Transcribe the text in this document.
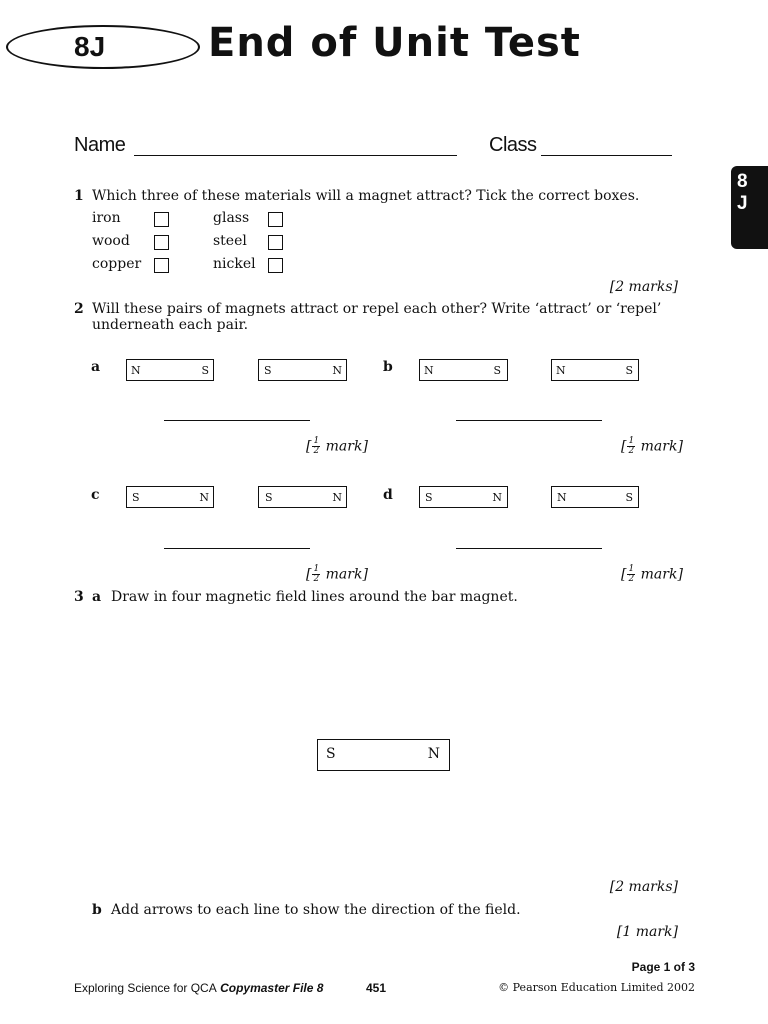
8J	End of Unit Test
8
J
Name	Class
1 Which three of these materials will a magnet attract? Tick the correct boxes.
iron	glass
wood	steel
copper	nickel
[2 marks]
2 Will these pairs of magnets attract or repel each other? Write ‘attract’ or ‘repel’
underneath each pair.
a	N	S	S	N
[ $\frac{1}{2}$ mark]
b	N	S	N	S
[ $\frac{1}{2}$ mark]
c	S	N	S	N
[ $\frac{1}{2}$ mark]
d	S	N	N	S
[ $\frac{1}{2}$ mark]
3 a Draw in four magnetic field lines around the bar magnet.
S	N
[2 marks]
b Add arrows to each line to show the direction of the field.
[1 mark]
Page 1 of 3
Exploring Science for QCA Copymaster File 8	451	© Pearson Education Limited 2002
